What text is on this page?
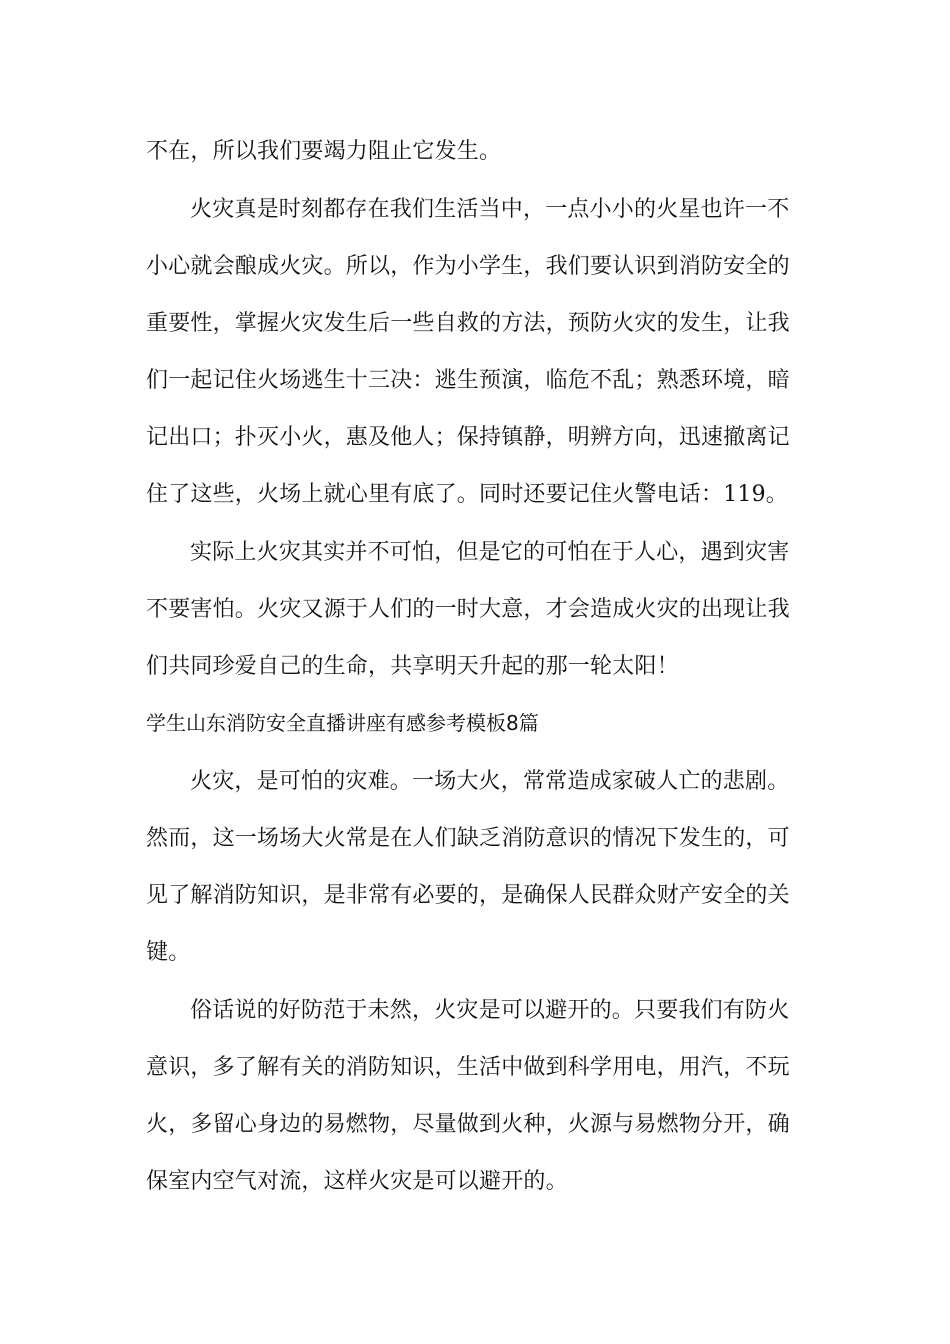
不在，所以我们要竭力阻止它发生。
火灾真是时刻都存在我们生活当中，一点小小的火星也许一不
小心就会酿成火灾。所以，作为小学生，我们要认识到消防安全的
重要性，掌握火灾发生后一些自救的方法，预防火灾的发生，让我
们一起记住火场逃生十三决：逃生预演，临危不乱；熟悉环境，暗
记出口；扑灭小火，惠及他人；保持镇静，明辨方向，迅速撤离记
住了这些，火场上就心里有底了。同时还要记住火警电话：119。
实际上火灾其实并不可怕，但是它的可怕在于人心，遇到灾害
不要害怕。火灾又源于人们的一时大意，才会造成火灾的出现让我
们共同珍爱自己的生命，共享明天升起的那一轮太阳！
学生山东消防安全直播讲座有感参考模板8篇
火灾，是可怕的灾难。一场大火，常常造成家破人亡的悲剧。
然而，这一场场大火常是在人们缺乏消防意识的情况下发生的，可
见了解消防知识，是非常有必要的，是确保人民群众财产安全的关
键。
俗话说的好防范于未然，火灾是可以避开的。只要我们有防火
意识，多了解有关的消防知识，生活中做到科学用电，用汽，不玩
火，多留心身边的易燃物，尽量做到火种，火源与易燃物分开，确
保室内空气对流，这样火灾是可以避开的。
